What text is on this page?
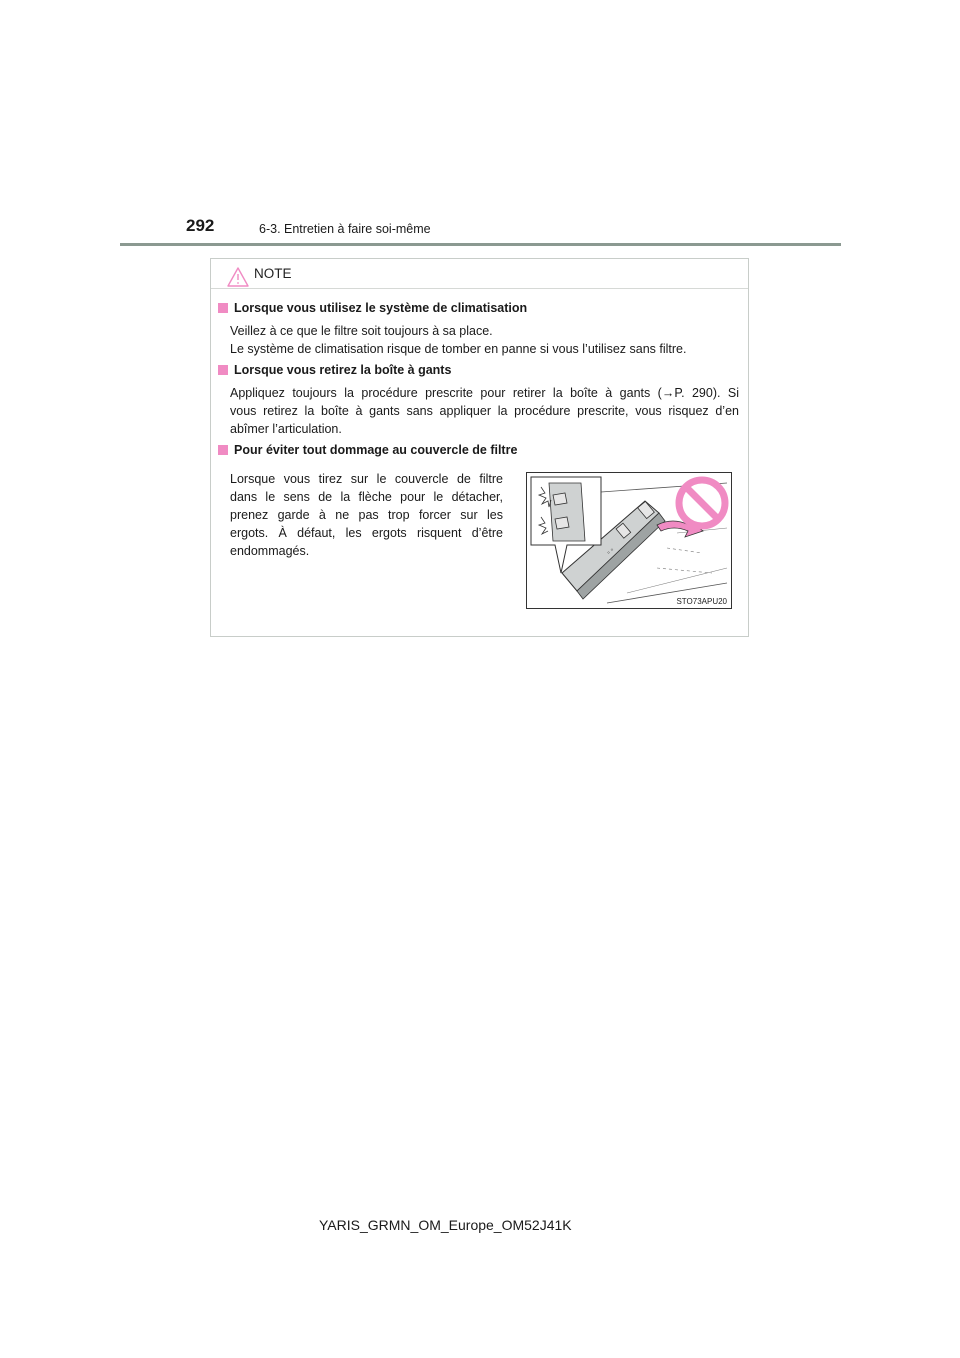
292	6-3. Entretien à faire soi-même
NOTE
Lorsque vous utilisez le système de climatisation
Veillez à ce que le filtre soit toujours à sa place.
Le système de climatisation risque de tomber en panne si vous l’utilisez sans filtre.
Lorsque vous retirez la boîte à gants
Appliquez toujours la procédure prescrite pour retirer la boîte à gants (→P. 290). Si
vous retirez la boîte à gants sans appliquer la procédure prescrite, vous risquez d’en
abîmer l’articulation.
Pour éviter tout dommage au couvercle de filtre
Lorsque vous tirez sur le couvercle de filtre
dans le sens de la flèche pour le détacher,
prenez garde à ne pas trop forcer sur les
ergots. À défaut, les ergots risquent d’être
endommagés.	▫ ▫
STO73APU20
YARIS_GRMN_OM_Europe_OM52J41K
